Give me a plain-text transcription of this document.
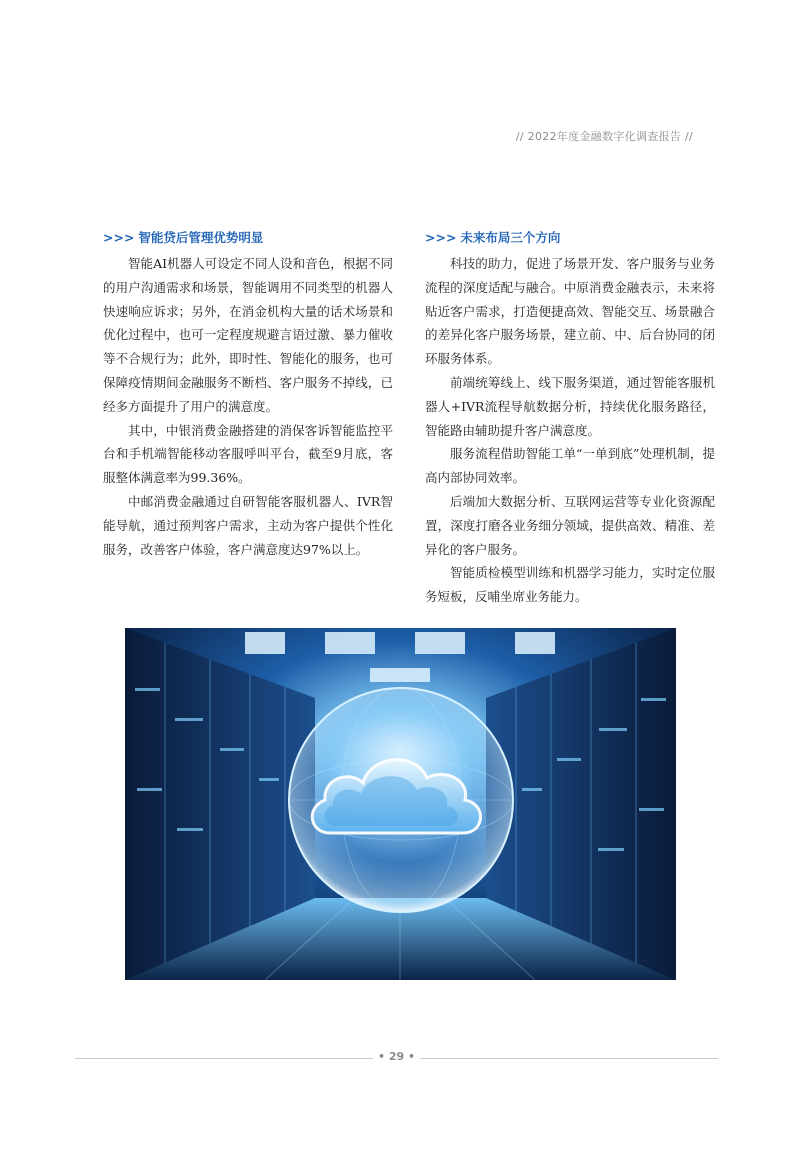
// 2022年度金融数字化调查报告 //
>>> 智能贷后管理优势明显

智能AI机器人可设定不同人设和音色，根据不同的用户沟通需求和场景，智能调用不同类型的机器人快速响应诉求；另外，在消金机构大量的话术场景和优化过程中，也可一定程度规避言语过激、暴力催收等不合规行为；此外，即时性、智能化的服务，也可保障疫情期间金融服务不断档、客户服务不掉线，已经多方面提升了用户的满意度。

其中，中银消费金融搭建的消保客诉智能监控平台和手机端智能移动客服呼叫平台，截至9月底，客服整体满意率为99.36%。

中邮消费金融通过自研智能客服机器人、IVR智能导航，通过预判客户需求，主动为客户提供个性化服务，改善客户体验，客户满意度达97%以上。

>>> 未来布局三个方向

科技的助力，促进了场景开发、客户服务与业务流程的深度适配与融合。中原消费金融表示，未来将贴近客户需求，打造便捷高效、智能交互、场景融合的差异化客户服务场景，建立前、中、后台协同的闭环服务体系。

前端统筹线上、线下服务渠道，通过智能客服机器人+IVR流程导航数据分析，持续优化服务路径，智能路由辅助提升客户满意度。

服务流程借助智能工单“一单到底”处理机制，提高内部协同效率。

后端加大数据分析、互联网运营等专业化资源配置，深度打磨各业务细分领域，提供高效、精准、差异化的客户服务。

智能质检模型训练和机器学习能力，实时定位服务短板，反哺坐席业务能力。

• 29 •
